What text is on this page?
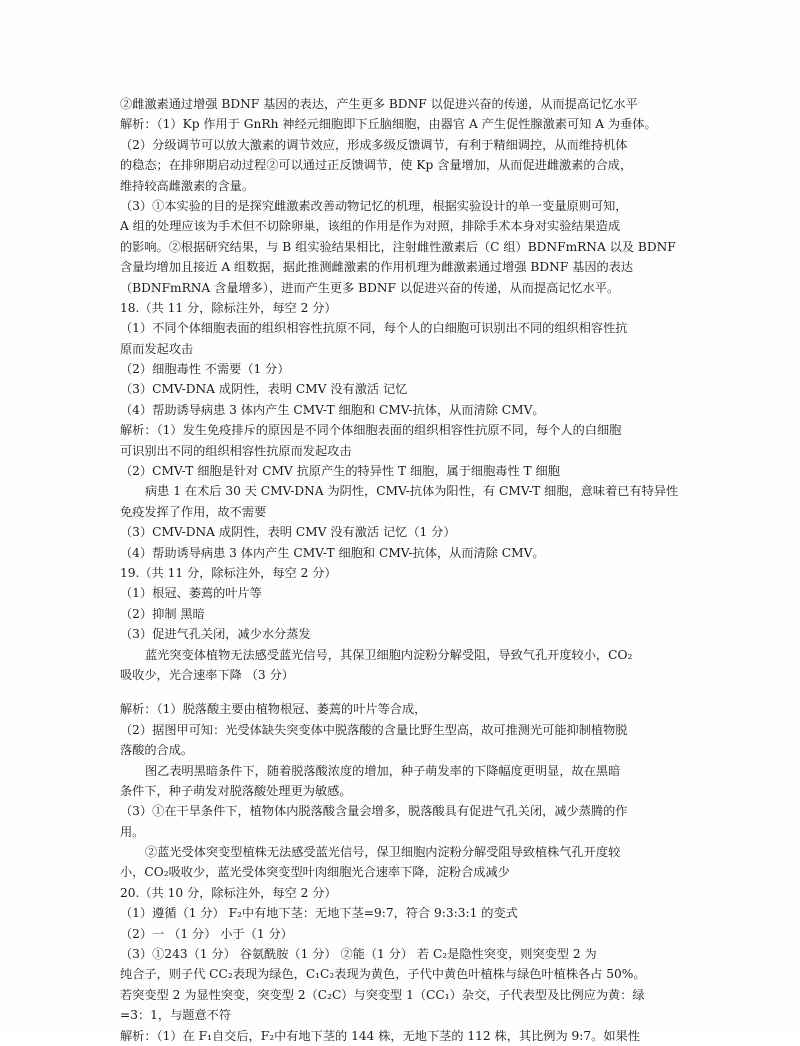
②雌激素通过增强 BDNF 基因的表达，产生更多 BDNF 以促进兴奋的传递，从而提高记忆水平
解析：（1）Kp 作用于 GnRh 神经元细胞即下丘脑细胞，由器官 A 产生促性腺激素可知 A 为垂体。
（2）分级调节可以放大激素的调节效应，形成多级反馈调节，有利于精细调控，从而维持机体
的稳态；在排卵期启动过程②可以通过正反馈调节，使 Kp 含量增加，从而促进雌激素的合成，
维持较高雌激素的含量。
（3）①本实验的目的是探究雌激素改善动物记忆的机理，根据实验设计的单一变量原则可知，
A 组的处理应该为手术但不切除卵巢，该组的作用是作为对照，排除手术本身对实验结果造成
的影响。②根据研究结果，与 B 组实验结果相比，注射雌性激素后（C 组）BDNFmRNA 以及 BDNF
含量均增加且接近 A 组数据，据此推测雌激素的作用机理为雌激素通过增强 BDNF 基因的表达
（BDNFmRNA 含量增多），进而产生更多 BDNF 以促进兴奋的传递，从而提高记忆水平。
18.（共 11 分，除标注外，每空 2 分）
（1）不同个体细胞表面的组织相容性抗原不同，每个人的白细胞可识别出不同的组织相容性抗
原而发起攻击
（2）细胞毒性 不需要（1 分）
（3）CMV-DNA 成阴性，表明 CMV 没有激活 记忆
（4）帮助诱导病患 3 体内产生 CMV-T 细胞和 CMV-抗体，从而清除 CMV。
解析：（1）发生免疫排斥的原因是不同个体细胞表面的组织相容性抗原不同，每个人的白细胞
可识别出不同的组织相容性抗原而发起攻击
（2）CMV-T 细胞是针对 CMV 抗原产生的特异性 T 细胞，属于细胞毒性 T 细胞
病患 1 在术后 30 天 CMV-DNA 为阴性，CMV-抗体为阳性，有 CMV-T 细胞，意味着已有特异性
免疫发挥了作用，故不需要
（3）CMV-DNA 成阴性，表明 CMV 没有激活 记忆（1 分）
（4）帮助诱导病患 3 体内产生 CMV-T 细胞和 CMV-抗体，从而清除 CMV。
19.（共 11 分，除标注外，每空 2 分）
（1）根冠、萎蔫的叶片等
（2）抑制 黑暗
（3）促进气孔关闭，减少水分蒸发
蓝光突变体植物无法感受蓝光信号，其保卫细胞内淀粉分解受阻，导致气孔开度较小，CO₂
吸收少，光合速率下降 （3 分）
解析：（1）脱落酸主要由植物根冠、萎蔫的叶片等合成，
（2）据图甲可知：光受体缺失突变体中脱落酸的含量比野生型高，故可推测光可能抑制植物脱
落酸的合成。
图乙表明黑暗条件下，随着脱落酸浓度的增加，种子萌发率的下降幅度更明显，故在黑暗
条件下，种子萌发对脱落酸处理更为敏感。
（3）①在干旱条件下，植物体内脱落酸含量会增多，脱落酸具有促进气孔关闭，减少蒸腾的作
用。
②蓝光受体突变型植株无法感受蓝光信号，保卫细胞内淀粉分解受阻导致植株气孔开度较
小，CO₂吸收少，蓝光受体突变型叶肉细胞光合速率下降，淀粉合成减少
20.（共 10 分，除标注外，每空 2 分）
（1）遵循（1 分） F₂中有地下茎：无地下茎=9:7，符合 9:3:3:1 的变式
（2）一 （1 分） 小于（1 分）
（3）①243（1 分） 谷氨酰胺（1 分） ②能（1 分） 若 C₂是隐性突变，则突变型 2 为
纯合子，则子代 CC₂表现为绿色，C₁C₂表现为黄色，子代中黄色叶植株与绿色叶植株各占 50%。
若突变型 2 为显性突变，突变型 2（C₂C）与突变型 1（CC₁）杂交，子代表型及比例应为黄：绿
=3：1，与题意不符
解析：（1）在 F₁自交后，F₂中有地下茎的 144 株，无地下茎的 112 株，其比例为 9:7。如果性
